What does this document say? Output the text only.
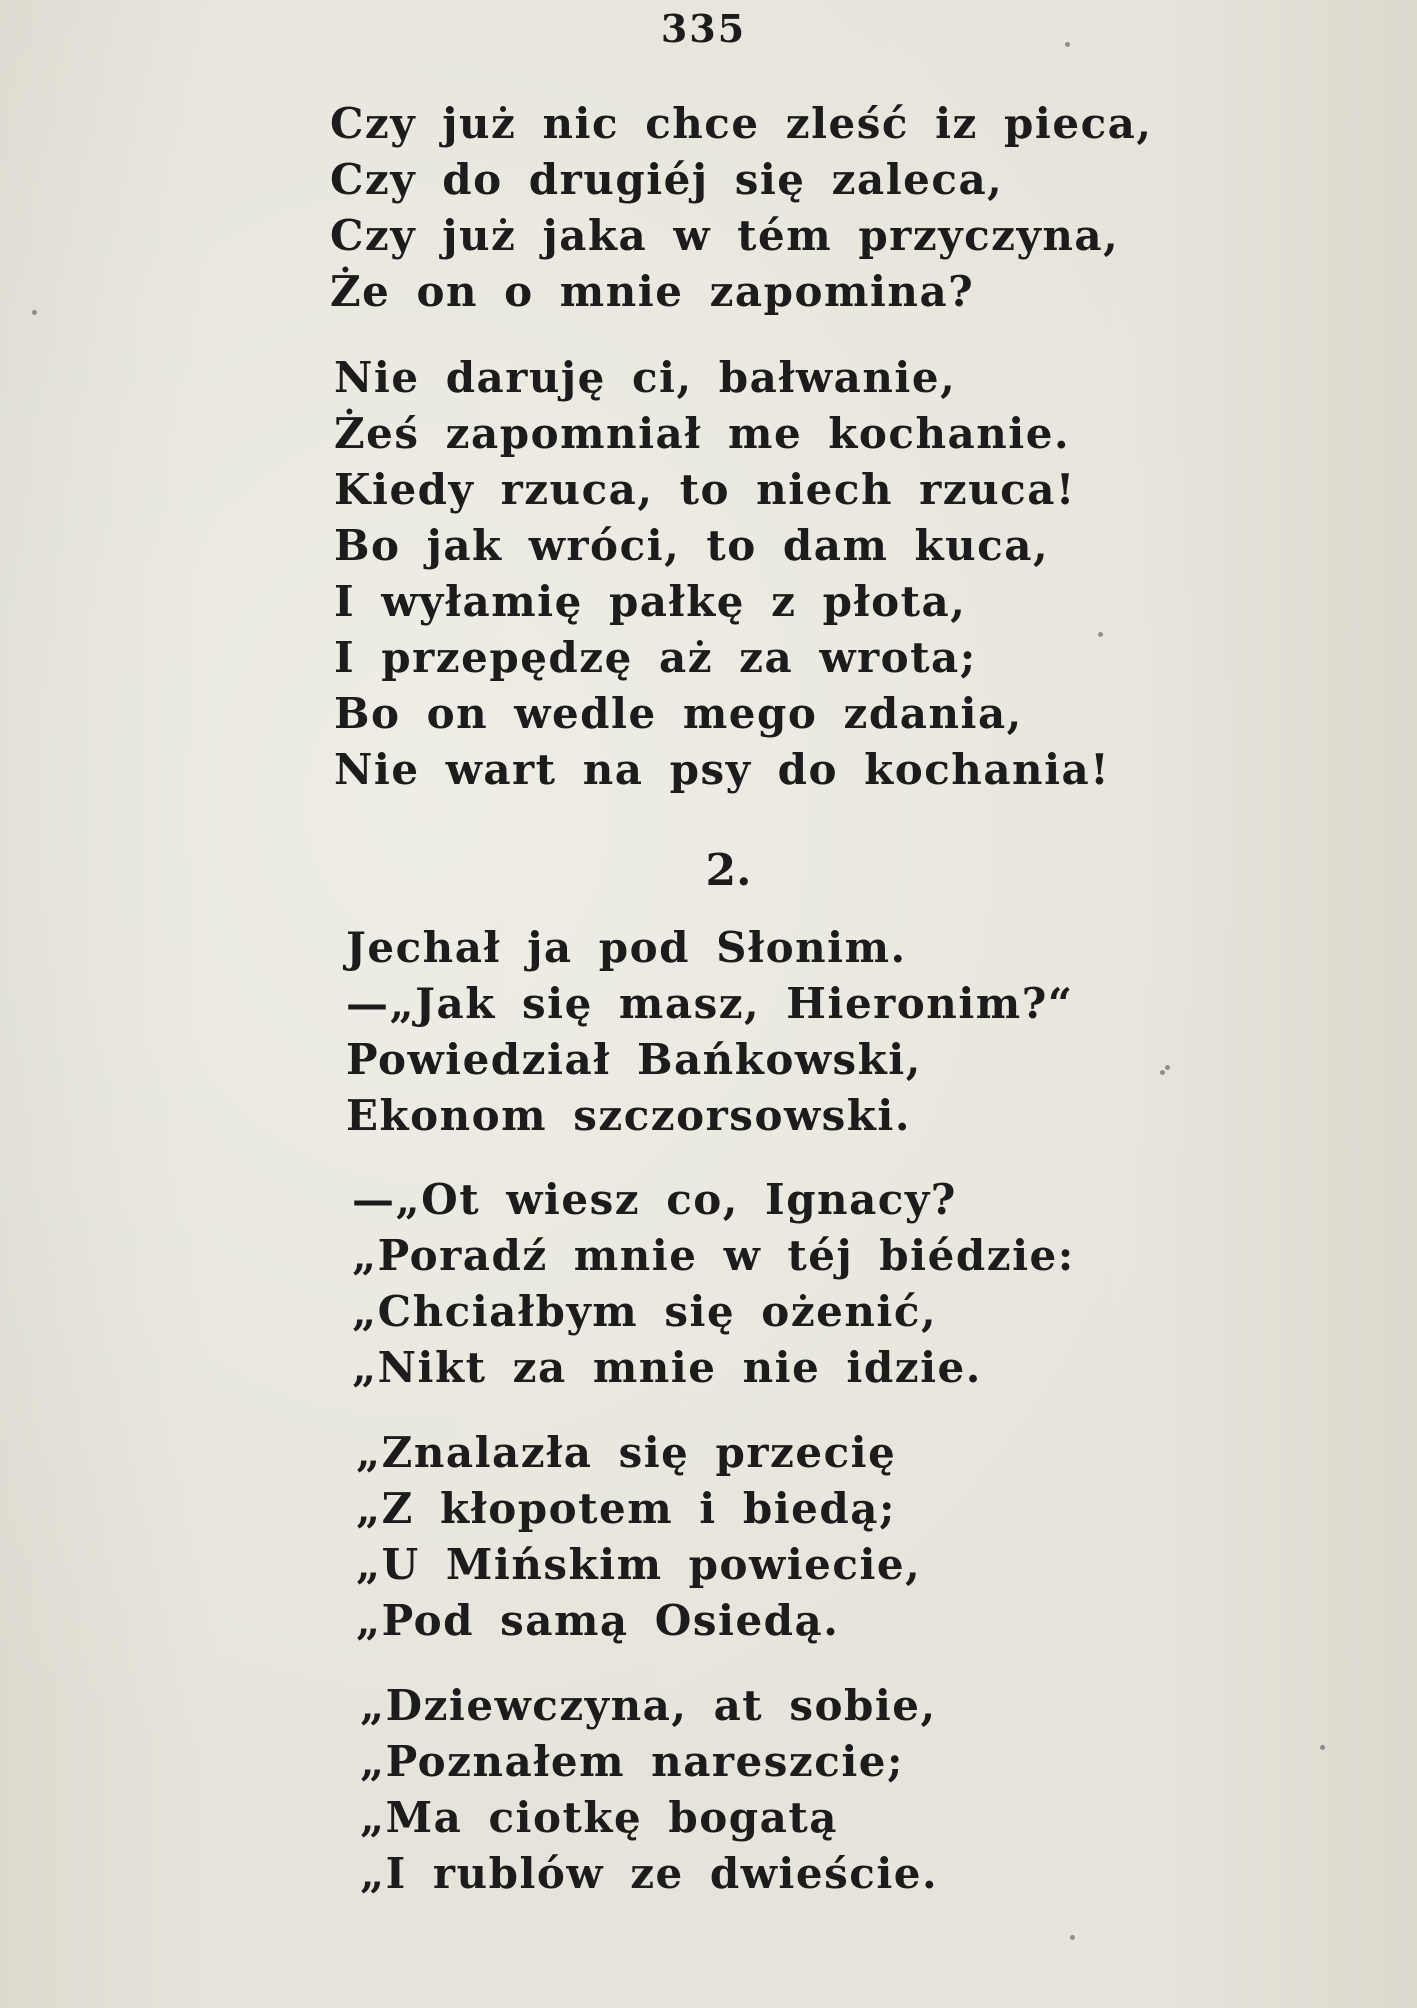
335
Czy już nic chce zleść iz pieca,
Czy do drugiéj się zaleca,
Czy już jaka w tém przyczyna,
Że on o mnie zapomina?
Nie daruję ci, bałwanie,
Żeś zapomniał me kochanie.
Kiedy rzuca, to niech rzuca!
Bo jak wróci, to dam kuca,
I wyłamię pałkę z płota,
I przepędzę aż za wrota;
Bo on wedle mego zdania,
Nie wart na psy do kochania!
2.
Jechał ja pod Słonim.
—„Jak się masz, Hieronim?“
Powiedział Bańkowski,
Ekonom szczorsowski.
—„Ot wiesz co, Ignacy?
„Poradź mnie w téj biédzie:
„Chciałbym się ożenić,
„Nikt za mnie nie idzie.
„Znalazła się przecię
„Z kłopotem i biedą;
„U Mińskim powiecie,
„Pod samą Osiedą.
„Dziewczyna, at sobie,
„Poznałem nareszcie;
„Ma ciotkę bogatą
„I rublów ze dwieście.
